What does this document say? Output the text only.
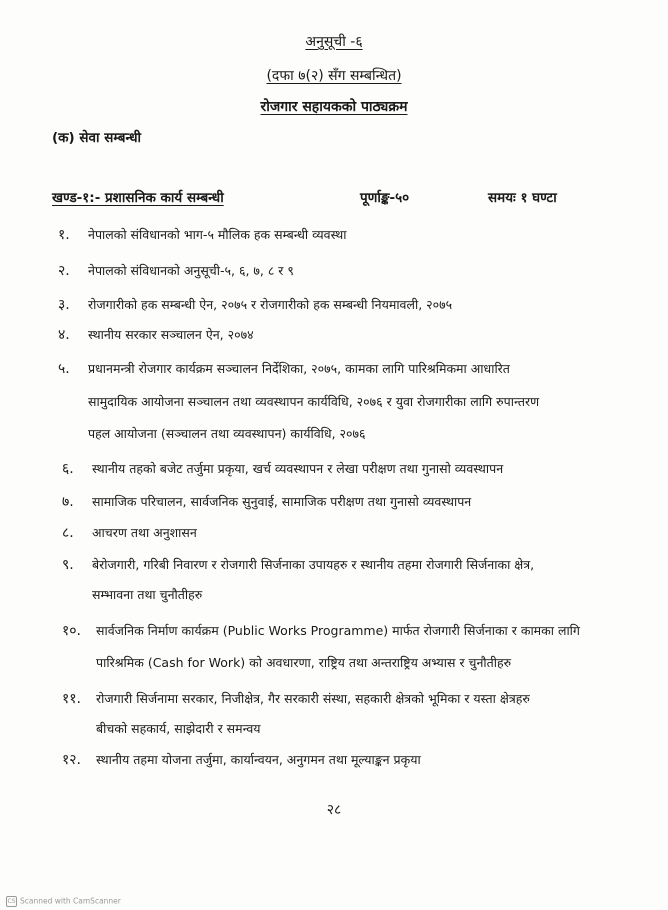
अनुसूची -६
(दफा ७(२) सँग सम्बन्धित)
रोजगार सहायकको पाठ्यक्रम
(क) सेवा सम्बन्धी
खण्ड-१:- प्रशासनिक कार्य सम्बन्धी	पूर्णाङ्क-५०	समयः १ घण्टा
१. नेपालको संविधानको भाग-५ मौलिक हक सम्बन्धी व्यवस्था
२. नेपालको संविधानको अनुसूची-५, ६, ७, ८ र ९
३. रोजगारीको हक सम्बन्धी ऐन, २०७५ र रोजगारीको हक सम्बन्धी नियमावली, २०७५
४. स्थानीय सरकार सञ्चालन ऐन, २०७४
५. प्रधानमन्त्री रोजगार कार्यक्रम सञ्चालन निर्देशिका, २०७५, कामका लागि पारिश्रमिकमा आधारित
सामुदायिक आयोजना सञ्चालन तथा व्यवस्थापन कार्यविधि, २०७६ र युवा रोजगारीका लागि रुपान्तरण
पहल आयोजना (सञ्चालन तथा व्यवस्थापन) कार्यविधि, २०७६
६. स्थानीय तहको बजेट तर्जुमा प्रकृया, खर्च व्यवस्थापन र लेखा परीक्षण तथा गुनासो व्यवस्थापन
७. सामाजिक परिचालन, सार्वजनिक सुनुवाई, सामाजिक परीक्षण तथा गुनासो व्यवस्थापन
८. आचरण तथा अनुशासन
९. बेरोजगारी, गरिबी निवारण र रोजगारी सिर्जनाका उपायहरु र स्थानीय तहमा रोजगारी सिर्जनाका क्षेत्र,
सम्भावना तथा चुनौतीहरु
१०. सार्वजनिक निर्माण कार्यक्रम (Public Works Programme) मार्फत रोजगारी सिर्जनाका र कामका लागि
पारिश्रमिक (Cash for Work) को अवधारणा, राष्ट्रिय तथा अन्तराष्ट्रिय अभ्यास र चुनौतीहरु
११. रोजगारी सिर्जनामा सरकार, निजीक्षेत्र, गैर सरकारी संस्था, सहकारी क्षेत्रको भूमिका र यस्ता क्षेत्रहरु
बीचको सहकार्य, साझेदारी र समन्वय
१२. स्थानीय तहमा योजना तर्जुमा, कार्यान्वयन, अनुगमन तथा मूल्याङ्कन प्रकृया
२८
CS Scanned with CamScanner
